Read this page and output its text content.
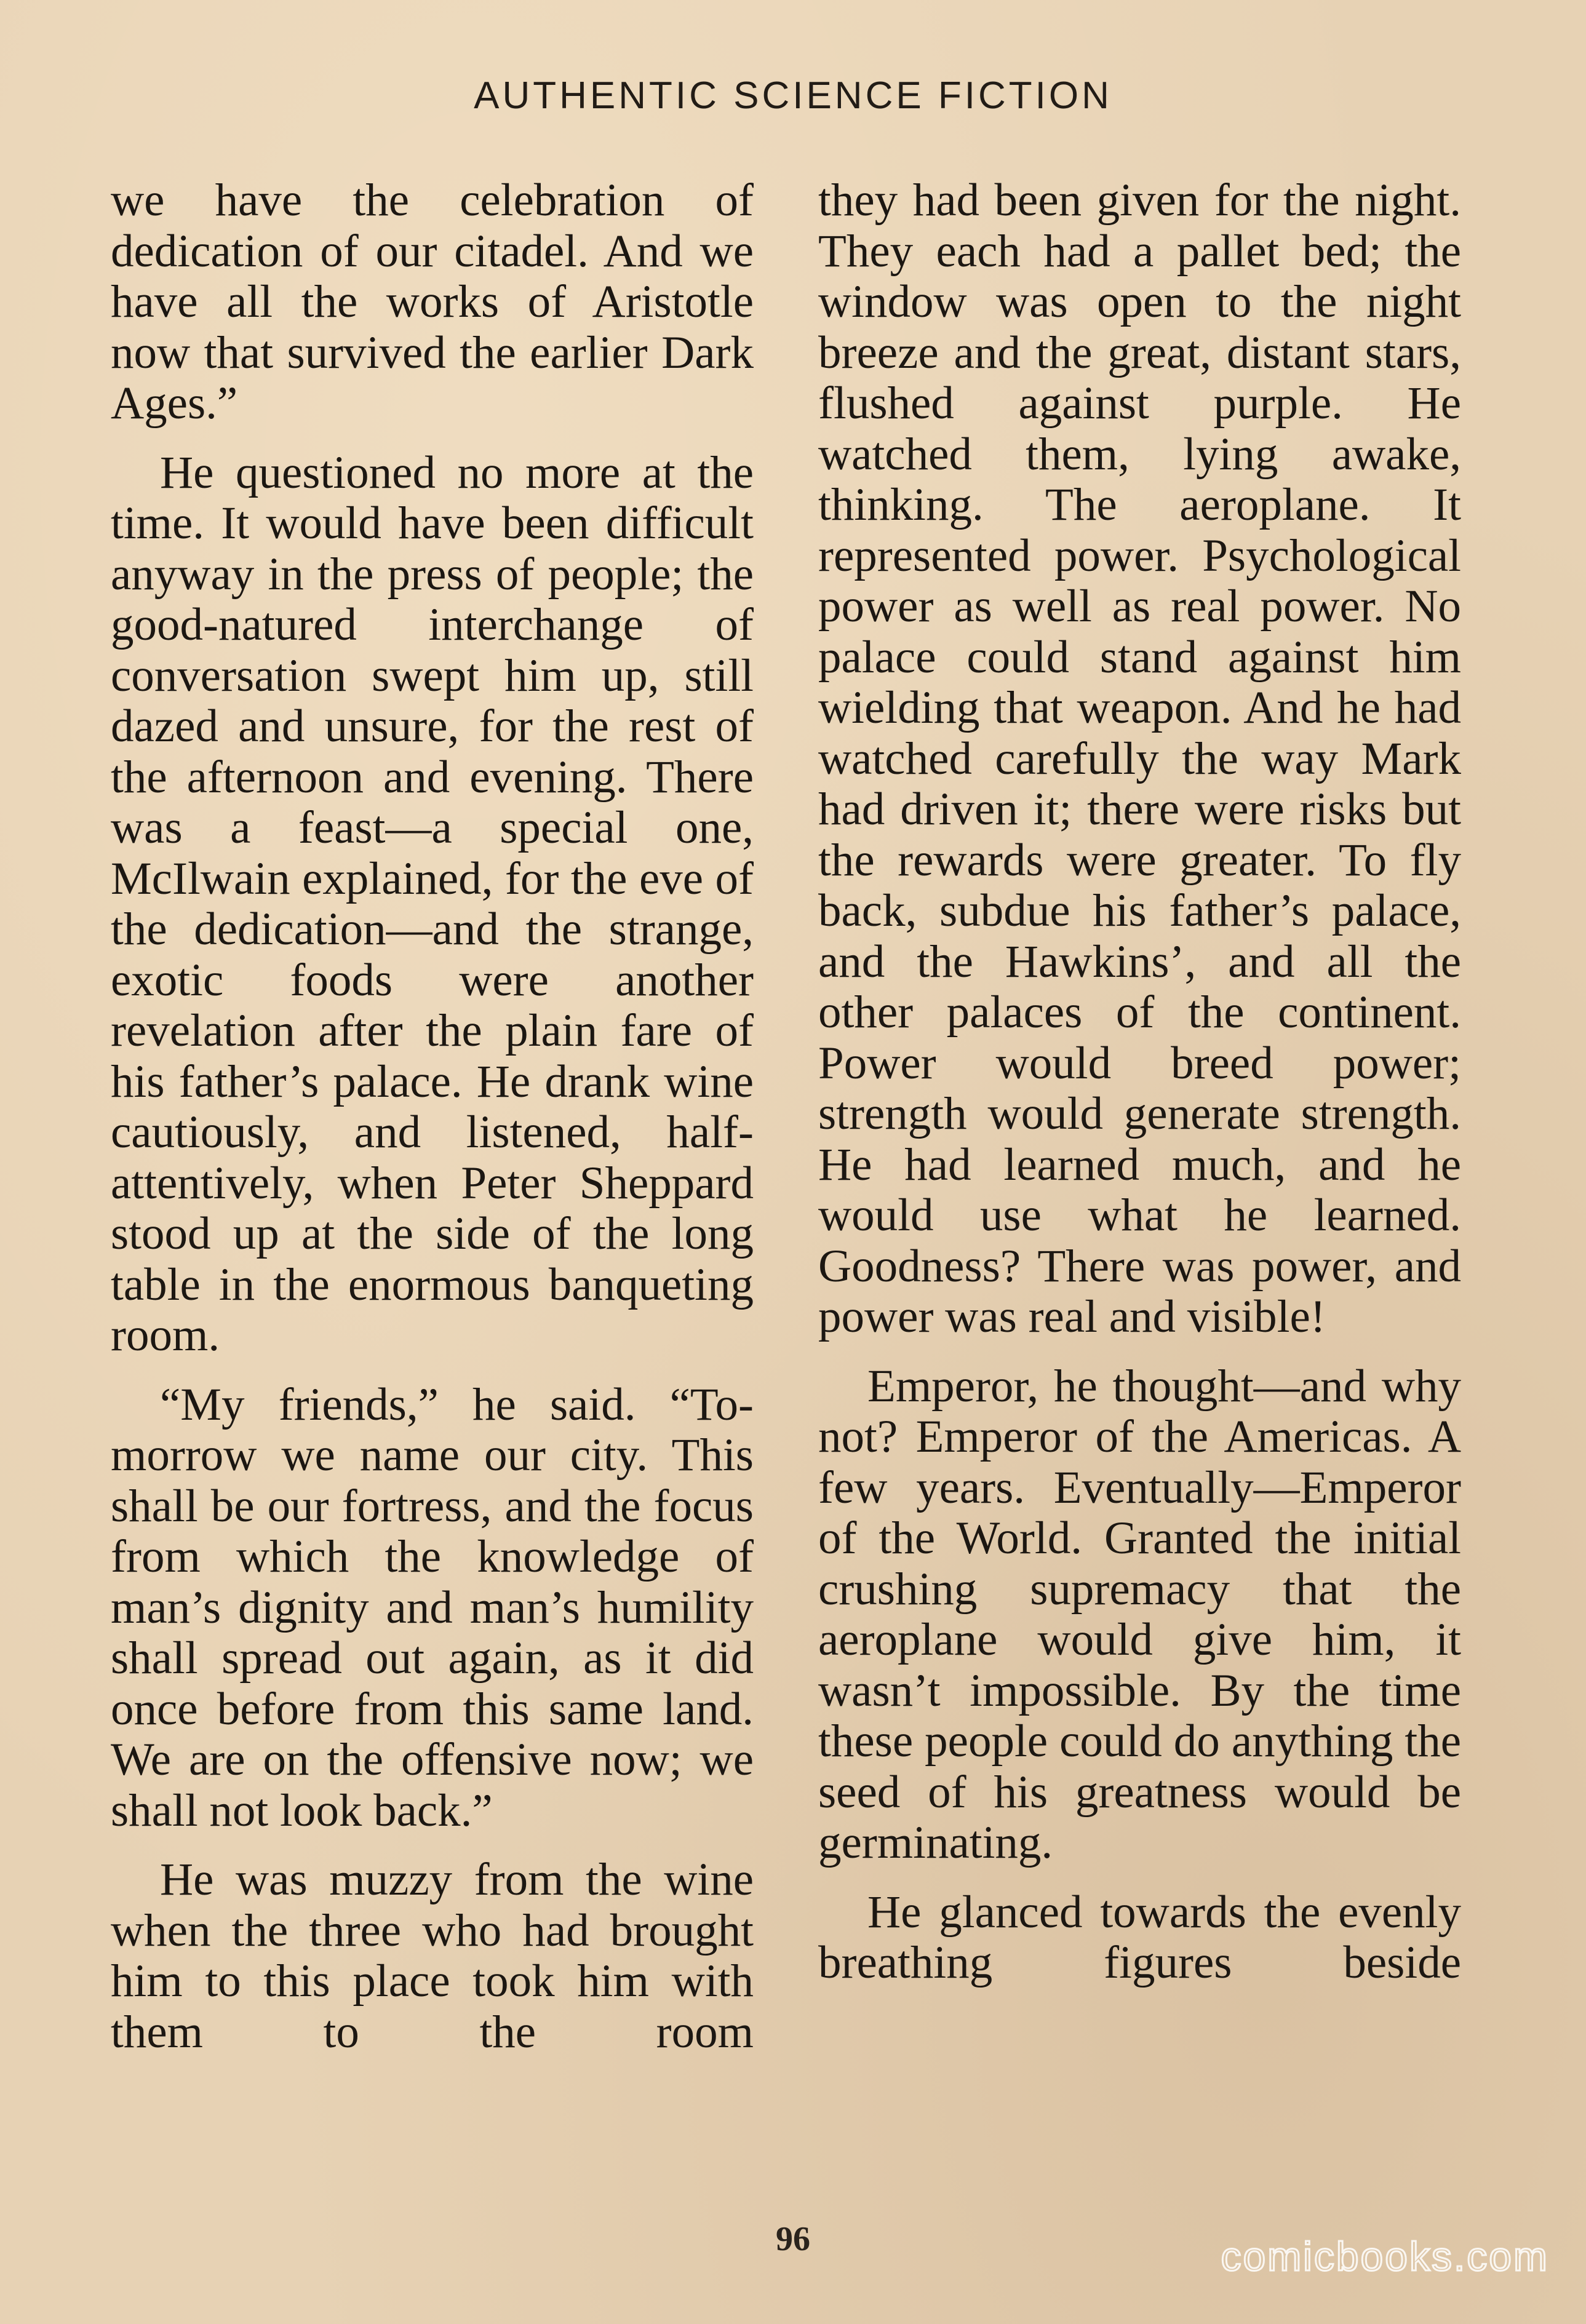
AUTHENTIC SCIENCE FICTION

we have the celebration of dedication of our citadel. And we have all the works of Aristotle now that survived the earlier Dark Ages.”

He questioned no more at the time. It would have been difficult anyway in the press of people; the good-natured interchange of conversation swept him up, still dazed and unsure, for the rest of the afternoon and evening. There was a feast—a special one, McIlwain explained, for the eve of the dedication—and the strange, exotic foods were another revelation after the plain fare of his father’s palace. He drank wine cautiously, and listened, half-attentively, when Peter Sheppard stood up at the side of the long table in the enormous banqueting room.

“My friends,” he said. “Tomorrow we name our city. This shall be our fortress, and the focus from which the knowledge of man’s dignity and man’s humility shall spread out again, as it did once before from this same land. We are on the offensive now; we shall not look back.”

He was muzzy from the wine when the three who had brought him to this place took him with them to the room

they had been given for the night. They each had a pallet bed; the window was open to the night breeze and the great, distant stars, flushed against purple. He watched them, lying awake, thinking. The aeroplane. It represented power. Psychological power as well as real power. No palace could stand against him wielding that weapon. And he had watched carefully the way Mark had driven it; there were risks but the rewards were greater. To fly back, subdue his father’s palace, and the Hawkins’, and all the other palaces of the continent. Power would breed power; strength would generate strength. He had learned much, and he would use what he learned. Goodness? There was power, and power was real and visible!

Emperor, he thought—and why not? Emperor of the Americas. A few years. Eventually—Emperor of the World. Granted the initial crushing supremacy that the aeroplane would give him, it wasn’t impossible. By the time these people could do anything the seed of his greatness would be germinating.

He glanced towards the evenly breathing figures beside

96	comicbooks.com
